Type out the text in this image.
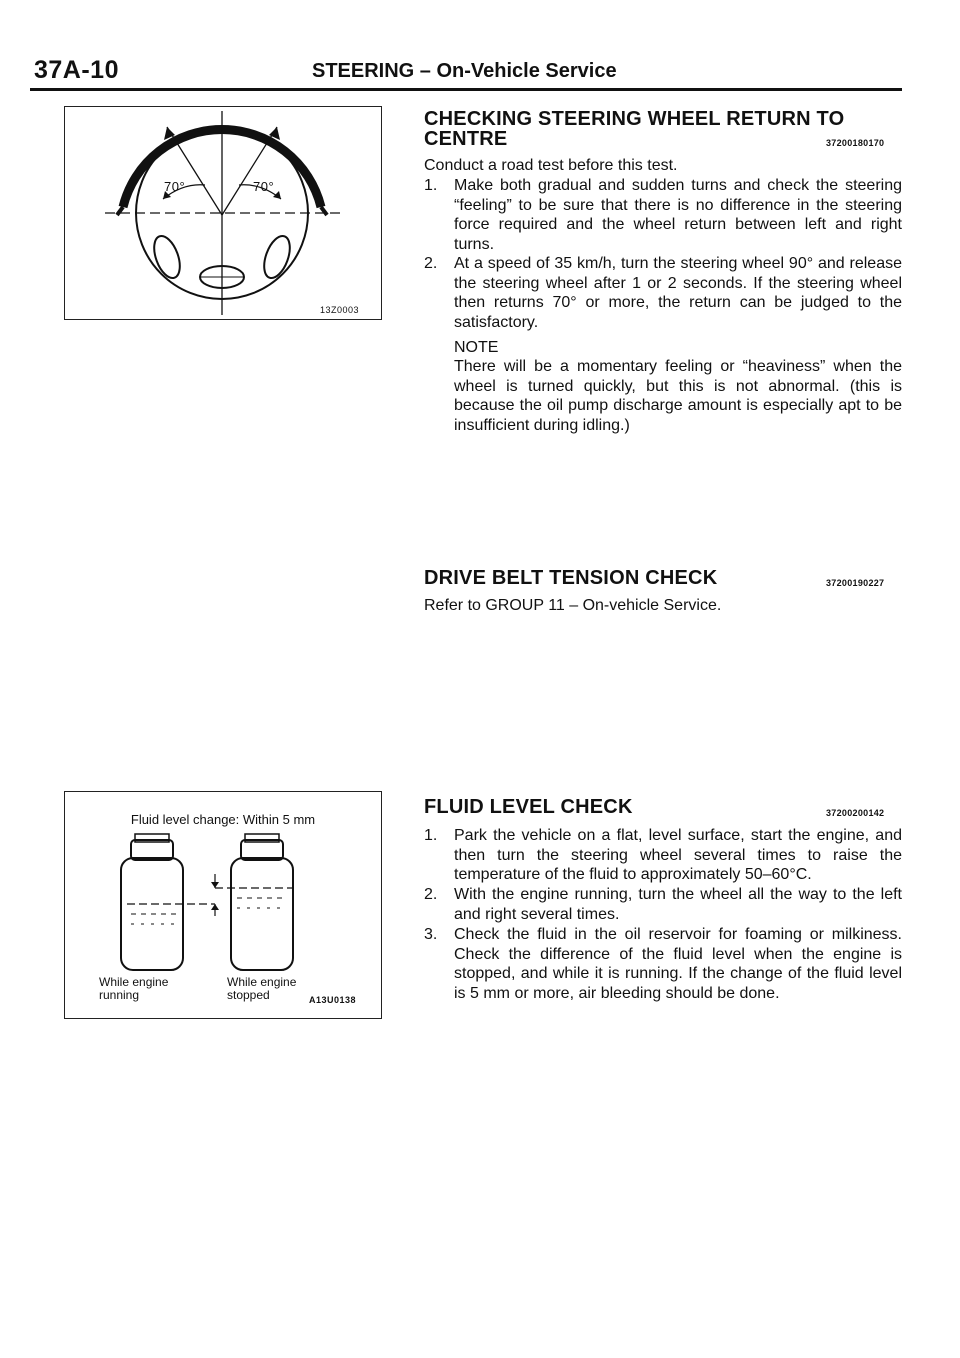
37A-10	STEERING – On-Vehicle Service
70°	70°
13Z0003
CHECKING STEERING WHEEL RETURN TO
CENTRE	37200180170
Conduct a road test before this test.
1. Make both gradual and sudden turns and check the steering “feeling” to be sure that there is no difference in the steering force required and the wheel return between left and right turns.
2. At a speed of 35 km/h, turn the steering wheel 90° and release the steering wheel after 1 or 2 seconds. If the steering wheel then returns 70° or more, the return can be judged to the satisfactory.
NOTE
There will be a momentary feeling or “heaviness” when the wheel is turned quickly, but this is not abnormal. (this is because the oil pump discharge amount is especially apt to be insufficient during idling.)
DRIVE BELT TENSION CHECK	37200190227
Refer to GROUP 11 – On-vehicle Service.
Fluid level change: Within 5 mm
While engine
running
While engine
stopped	A13U0138
FLUID LEVEL CHECK	37200200142
1. Park the vehicle on a flat, level surface, start the engine, and then turn the steering wheel several times to raise the temperature of the fluid to approximately 50–60°C.
2. With the engine running, turn the wheel all the way to the left and right several times.
3. Check the fluid in the oil reservoir for foaming or milkiness. Check the difference of the fluid level when the engine is stopped, and while it is running. If the change of the fluid level is 5 mm or more, air bleeding should be done.
